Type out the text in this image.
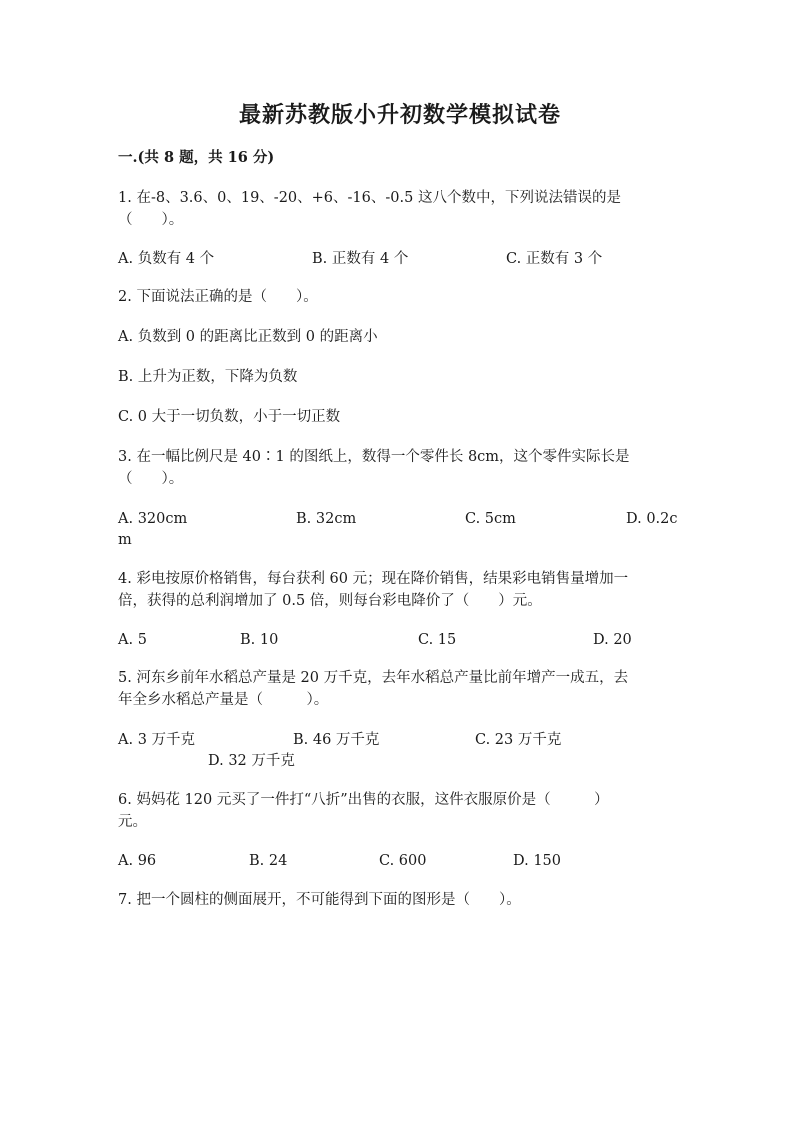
最新苏教版小升初数学模拟试卷
一.(共 8 题，共 16 分)
1. 在-8、3.6、0、19、-20、+6、-16、-0.5 这八个数中，下列说法错误的是
（　　）。
A. 负数有 4 个	B. 正数有 4 个	C. 正数有 3 个
2. 下面说法正确的是（　　）。
A. 负数到 0 的距离比正数到 0 的距离小
B. 上升为正数，下降为负数
C. 0 大于一切负数，小于一切正数
3. 在一幅比例尺是 40∶1 的图纸上，数得一个零件长 8cm，这个零件实际长是
（　　）。
A. 320cm	B. 32cm	C. 5cm	D. 0.2c
m
4. 彩电按原价格销售，每台获利 60 元；现在降价销售，结果彩电销售量增加一
倍，获得的总利润增加了 0.5 倍，则每台彩电降价了（　　）元。
A. 5	B. 10	C. 15	D. 20
5. 河东乡前年水稻总产量是 20 万千克，去年水稻总产量比前年增产一成五，去
年全乡水稻总产量是（　　　）。
A. 3 万千克	B. 46 万千克	C. 23 万千克
D. 32 万千克
6. 妈妈花 120 元买了一件打“八折”出售的衣服，这件衣服原价是（　　　）
元。
A. 96	B. 24	C. 600	D. 150
7. 把一个圆柱的侧面展开，不可能得到下面的图形是（　　）。
